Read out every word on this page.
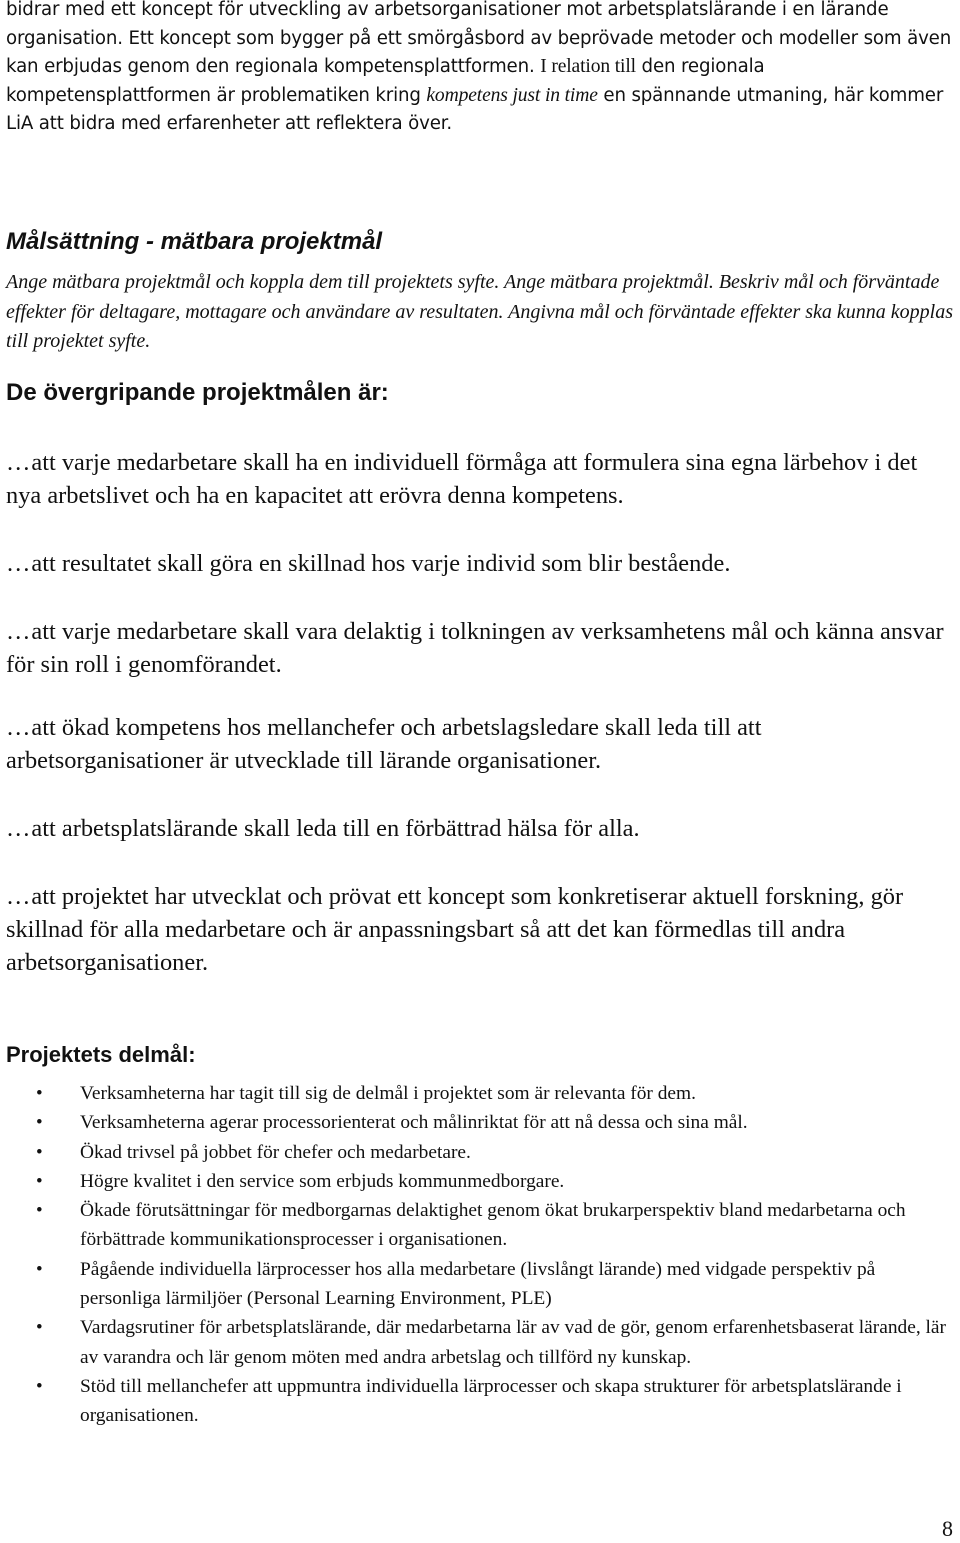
bidrar med ett koncept för utveckling av arbetsorganisationer mot arbetsplatslärande i en lärande organisation. Ett koncept som bygger på ett smörgåsbord av beprövade metoder och modeller som även kan erbjudas genom den regionala kompetensplattformen. I relation till den regionala kompetensplattformen är problematiken kring kompetens just in time en spännande utmaning, här kommer LiA att bidra med erfarenheter att reflektera över.

Målsättning - mätbara projektmål

Ange mätbara projektmål och koppla dem till projektets syfte. Ange mätbara projektmål. Beskriv mål och förväntade effekter för deltagare, mottagare och användare av resultaten. Angivna mål och förväntade effekter ska kunna kopplas till projektet syfte.

De övergripande projektmålen är:

…att varje medarbetare skall ha en individuell förmåga att formulera sina egna lärbehov i det nya arbetslivet och ha en kapacitet att erövra denna kompetens.

…att resultatet skall göra en skillnad hos varje individ som blir bestående.

…att varje medarbetare skall vara delaktig i tolkningen av verksamhetens mål och känna ansvar för sin roll i genomförandet.

…att ökad kompetens hos mellanchefer och arbetslagsledare skall leda till att arbetsorganisationer är utvecklade till lärande organisationer.

…att arbetsplatslärande skall leda till en förbättrad hälsa för alla.

…att projektet har utvecklat och prövat ett koncept som konkretiserar aktuell forskning, gör skillnad för alla medarbetare och är anpassningsbart så att det kan förmedlas till andra arbetsorganisationer.

Projektets delmål:
• Verksamheterna har tagit till sig de delmål i projektet som är relevanta för dem.
• Verksamheterna agerar processorienterat och målinriktat för att nå dessa och sina mål.
• Ökad trivsel på jobbet för chefer och medarbetare.
• Högre kvalitet i den service som erbjuds kommunmedborgare.
• Ökade förutsättningar för medborgarnas delaktighet genom ökat brukarperspektiv bland medarbetarna och förbättrade kommunikationsprocesser i organisationen.
• Pågående individuella lärprocesser hos alla medarbetare (livslångt lärande) med vidgade perspektiv på personliga lärmiljöer (Personal Learning Environment, PLE)
• Vardagsrutiner för arbetsplatslärande, där medarbetarna lär av vad de gör, genom erfarenhetsbaserat lärande, lär av varandra och lär genom möten med andra arbetslag och tillförd ny kunskap.
• Stöd till mellanchefer att uppmuntra individuella lärprocesser och skapa strukturer för arbetsplatslärande i organisationen.

8
